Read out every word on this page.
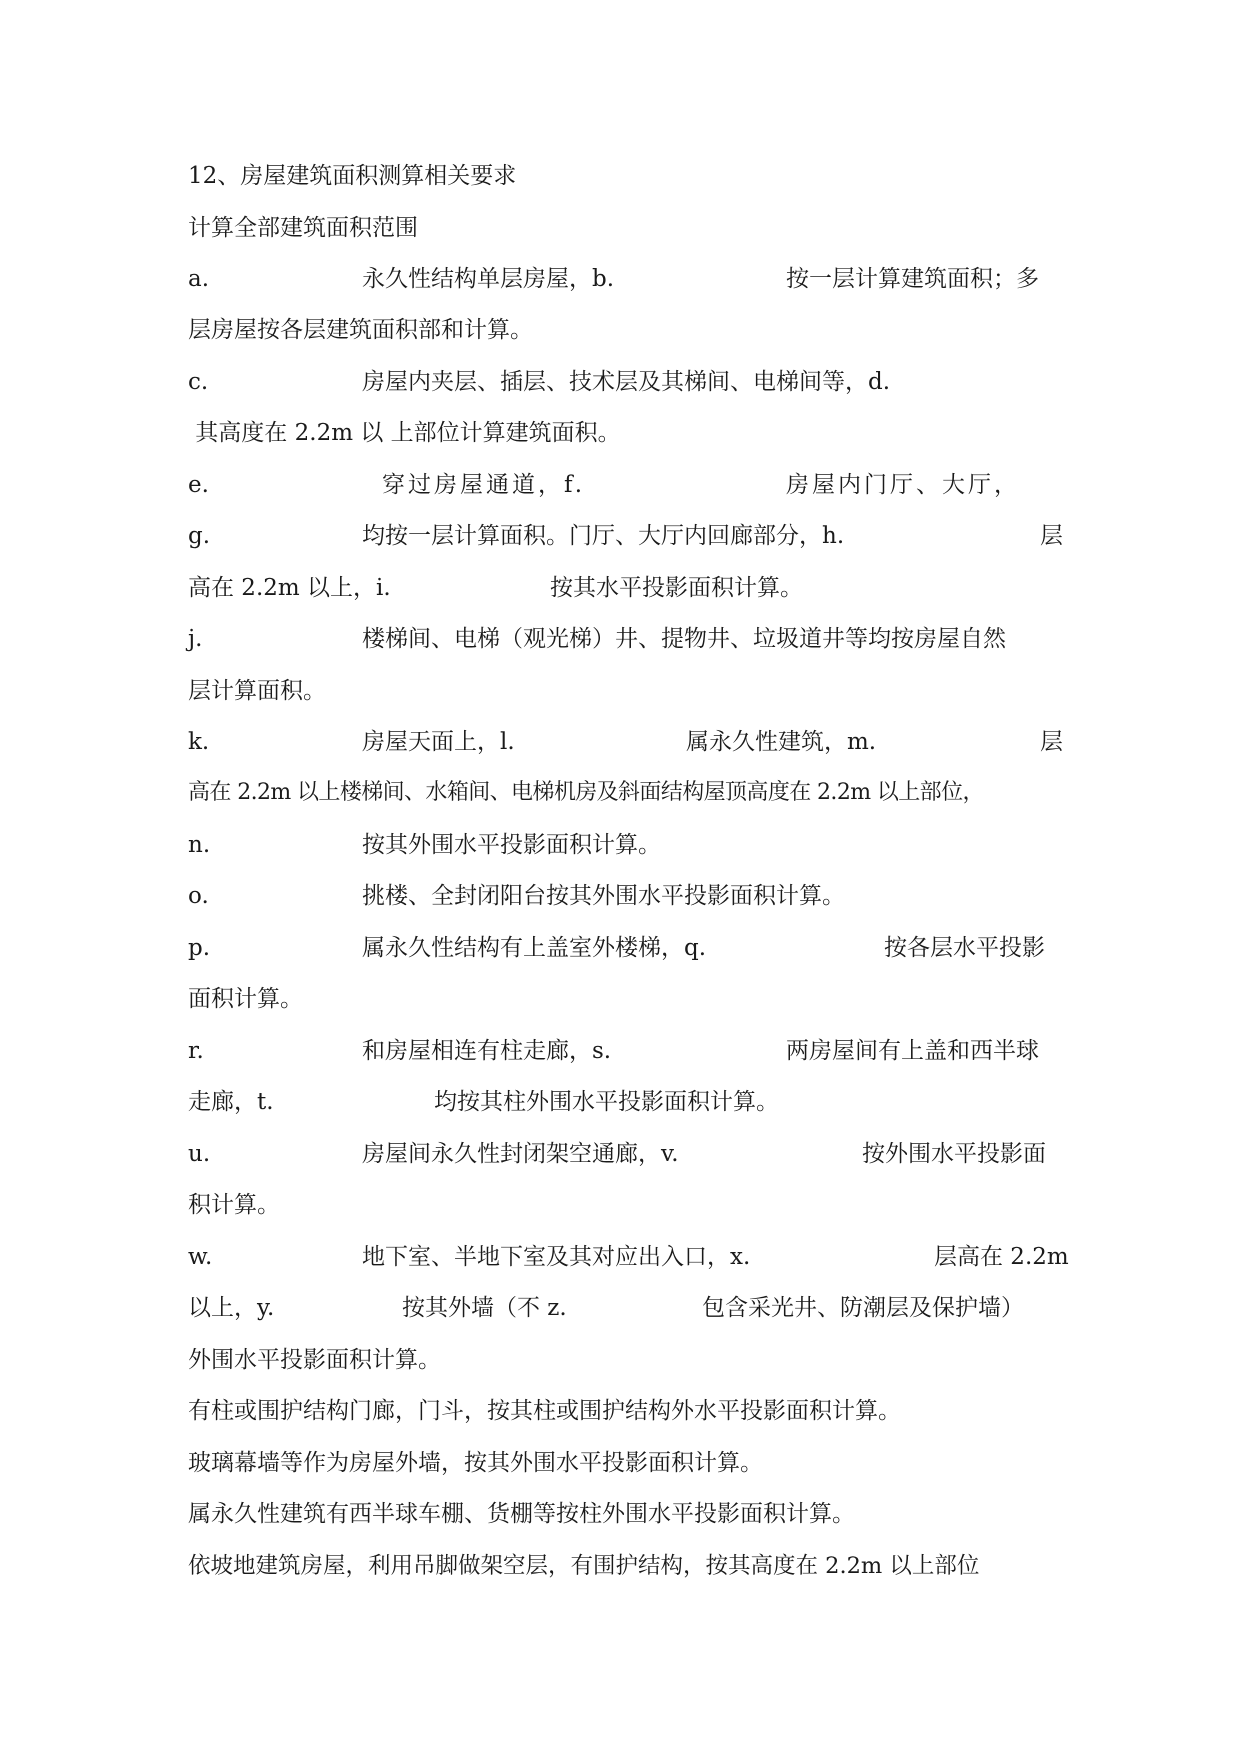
12、房屋建筑面积测算相关要求
计算全部建筑面积范围

a.

	永久性结构单层房屋，b.

	按一层计算建筑面积；多

层房屋按各层建筑面积部和计算。

c.

	房屋内夹层、插层、技术层及其梯间、电梯间等，d.

其高度在 2.2m 以 上部位计算建筑面积。

e.

	穿过房屋通道，f.

	房屋内门厅、大厅，

g.

	均按一层计算面积。门厅、大厅内回廊部分，h.

	层

高在 2.2m 以上，i.

	按其水平投影面积计算。

j.

	楼梯间、电梯（观光梯）井、提物井、垃圾道井等均按房屋自然

层计算面积。

k.

	房屋天面上，l.

	属永久性建筑，m.

	层

高在 2.2m 以上楼梯间、水箱间、电梯机房及斜面结构屋顶高度在 2.2m 以上部位，

n.

	按其外围水平投影面积计算。

o.

	挑楼、全封闭阳台按其外围水平投影面积计算。

p.

	属永久性结构有上盖室外楼梯，q.

	按各层水平投影

面积计算。

r.

	和房屋相连有柱走廊，s.

	两房屋间有上盖和西半球

走廊，t.

	均按其柱外围水平投影面积计算。

u.

	房屋间永久性封闭架空通廊，v.

	按外围水平投影面

积计算。

w.

	地下室、半地下室及其对应出入口，x.

	层高在 2.2m

以上，y.

	按其外墙（不 z.

	包含采光井、防潮层及保护墙）

外围水平投影面积计算。
有柱或围护结构门廊，门斗，按其柱或围护结构外水平投影面积计算。
玻璃幕墙等作为房屋外墙，按其外围水平投影面积计算。
属永久性建筑有西半球车棚、货棚等按柱外围水平投影面积计算。
依坡地建筑房屋，利用吊脚做架空层，有围护结构，按其高度在 2.2m 以上部位
